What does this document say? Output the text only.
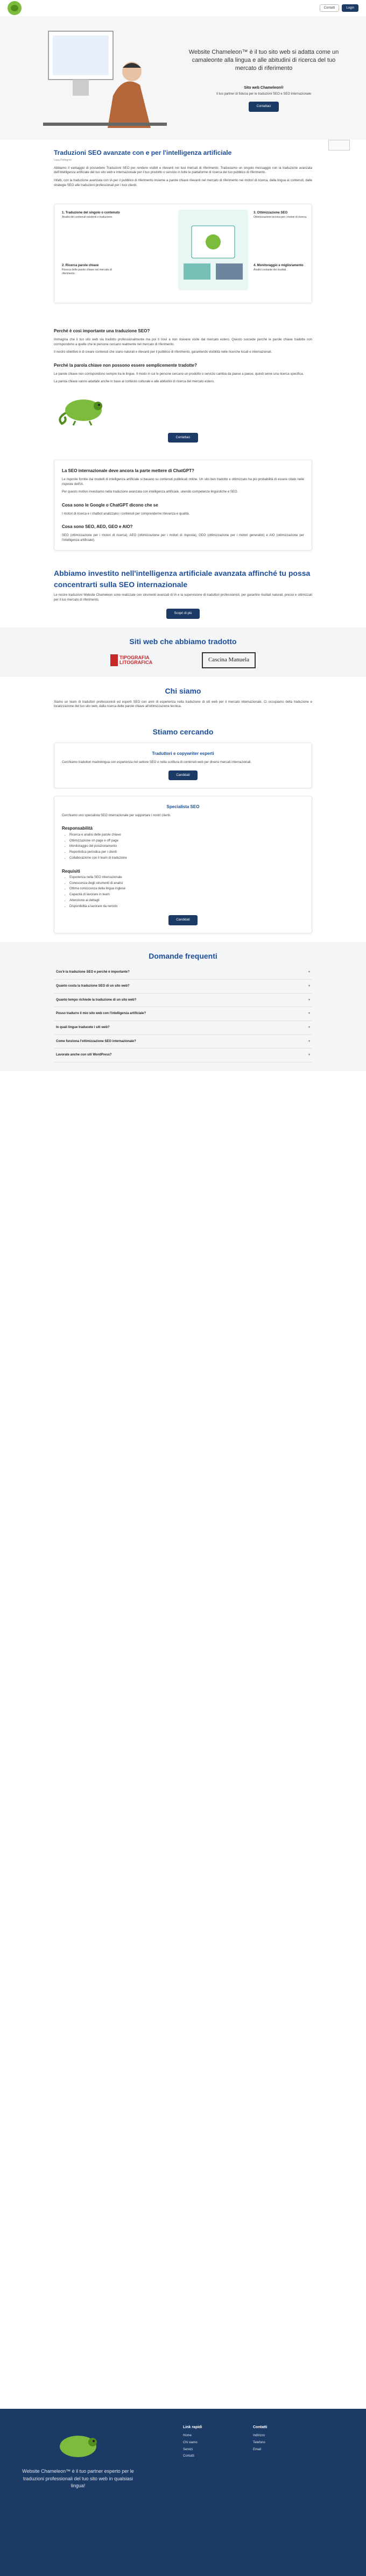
Contatti	Login
Website Chameleon™ è il tuo sito web si adatta come un camaleonte alla lingua e alle abitudini di ricerca del tuo mercato di riferimento
Sito web Chameleon®
Il tuo partner di fiducia per le traduzioni SEO e SEO internazionale
Contattaci
Traduzioni SEO avanzate con e per l'intelligenza artificiale
Luca Pellegrini
Abbiamo il vantaggio di possedere Traduzioni SEO per rendere visibili e rilevanti nei tuoi mercati di riferimento. Traduciamo un singolo messaggio con la traduzione avanzata dell'intelligenza artificiale del tuo sito web e internazionale per il tuo prodotto o servizio in tutte le piattaforme di ricerca del tuo pubblico di riferimento.
Infatti, con la traduzione avanzata con IA per il pubblico di riferimento insieme a parole chiave rilevanti nel mercato di riferimento nei motori di ricerca, dalla lingua ai contenuti, dalle strategie SEO alle traduzioni professionali per i tuoi clienti.
1. Traduzione del singolo o contenuto
Analisi dei contenuti esistenti e traduzione.
2. Ricerca parole chiave
Ricerca delle parole chiave nel mercato di riferimento.
3. Ottimizzazione SEO
Ottimizzazione tecnica per i motori di ricerca.
4. Monitoraggio e miglioramento
Analisi costante dei risultati.
Perché è così importante una traduzione SEO?
Immagina che il tuo sito web sia tradotto professionalmente ma poi ti trovi a non ricevere visite dal mercato estero. Questo succede perché le parole chiave tradotte non corrispondono a quelle che le persone cercano realmente nel mercato di riferimento.
Il nostro obiettivo è di creare contenuti che siano naturali e rilevanti per il pubblico di riferimento, garantendo visibilità nelle ricerche locali e internazionali.
Perché la parola chiave non possono essere semplicemente tradotte?
Le parole chiave non corrispondono sempre tra le lingue. Il modo in cui le persone cercano un prodotto o servizio cambia da paese a paese, quindi serve una ricerca specifica.
La parola chiave vanno adattate anche in base al contesto culturale e alle abitudini di ricerca del mercato estero.
Contattaci
La SEO internazionale deve ancora la parte mettere di ChatGPT?
Le risposte fornite dai modelli di intelligenza artificiale si basano su contenuti pubblicati online. Un sito ben tradotto e ottimizzato ha più probabilità di essere citato nelle risposte dell'IA.
Per questo motivo investiamo nella traduzione avanzata con intelligenza artificiale, unendo competenze linguistiche e SEO.
Cosa sono le Google o ChatGPT dicono che se
I motori di ricerca e i chatbot analizzano i contenuti per comprenderne rilevanza e qualità.
Cosa sono SEO, AEO, GEO e AIO?
SEO (ottimizzazione per i motori di ricerca), AEO (ottimizzazione per i motori di risposta), GEO (ottimizzazione per i motori generativi) e AIO (ottimizzazione per l'intelligenza artificiale).
Abbiamo investito nell'intelligenza artificiale avanzata affinché tu possa concentrarti sulla SEO internazionale
Le nostre traduzioni Website Chameleon sono realizzate con strumenti avanzati di IA e la supervisione di traduttori professionisti, per garantire risultati naturali, precisi e ottimizzati per il tuo mercato di riferimento.
Scopri di più
Siti web che abbiamo tradotto
TIPOGRAFIA LITOGRAFICA	Cascina Manuela
Chi siamo
Siamo un team di traduttori professionisti ed esperti SEO con anni di esperienza nella traduzione di siti web per il mercato internazionale. Ci occupiamo della traduzione e localizzazione del tuo sito web, dalla ricerca delle parole chiave all'ottimizzazione tecnica.
Stiamo cercando
Traduttori e copywriter esperti
Cerchiamo traduttori madrelingua con esperienza nel settore SEO e nella scrittura di contenuti web per diversi mercati internazionali.
Candidati
Specialista SEO
Cerchiamo uno specialista SEO internazionale per supportare i nostri clienti.
Responsabilità
• Ricerca e analisi delle parole chiave
• Ottimizzazione on page e off page
• Monitoraggio del posizionamento
• Reportistica periodica per i clienti
• Collaborazione con il team di traduzione
Requisiti
• Esperienza nella SEO internazionale
• Conoscenza degli strumenti di analisi
• Ottima conoscenza della lingua inglese
• Capacità di lavorare in team
• Attenzione ai dettagli
• Disponibilità a lavorare da remoto
Candidati
Domande frequenti
Cos'è la traduzione SEO e perché è importante?	▾
Quanto costa la traduzione SEO di un sito web?	▾
Quanto tempo richiede la traduzione di un sito web?	▾
Posso tradurre il mio sito web con l'intelligenza artificiale?	▾
In quali lingue traducete i siti web?	▾
Come funziona l'ottimizzazione SEO internazionale?	▾
Lavorate anche con siti WordPress?	▾
Website Chameleon™ è il tuo partner esperto per le traduzioni professionali del tuo sito web in qualsiasi lingua!
Link rapidi
Home
Chi siamo
Servizi
Contatti
Contatti
Indirizzo
Telefono
Email
